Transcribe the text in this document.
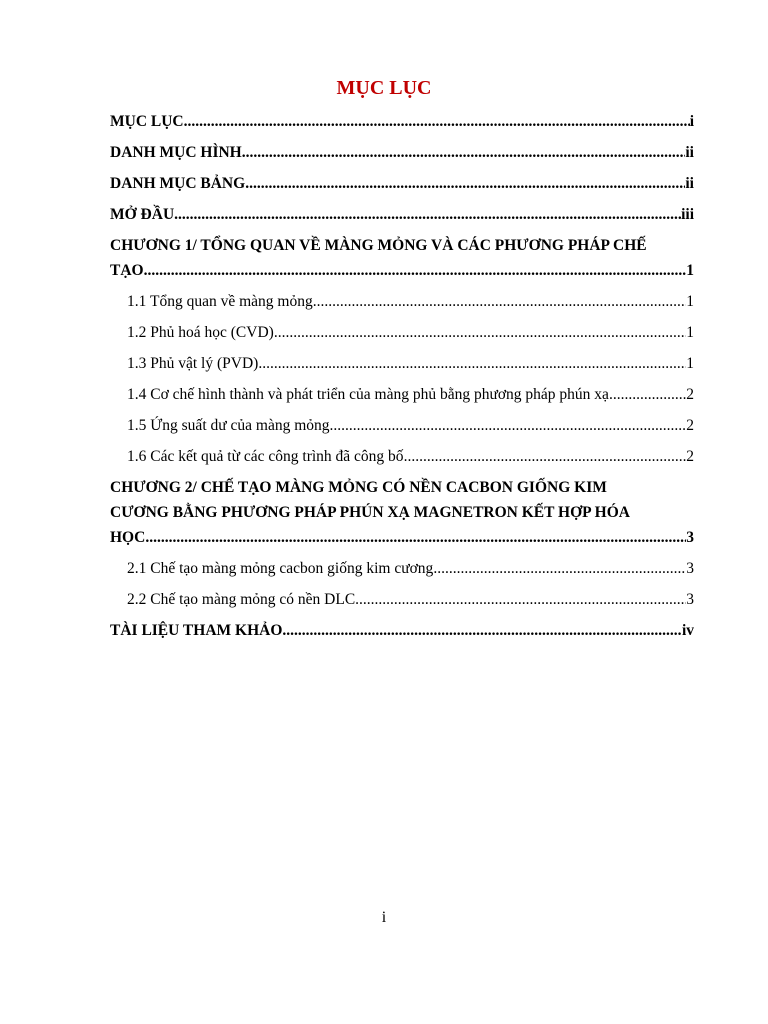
MỤC LỤC
MỤC LỤC .....	i
DANH MỤC HÌNH .....	ii
DANH MỤC BẢNG .....	ii
MỞ ĐẦU .....	iii
CHƯƠNG 1/ TỔNG QUAN VỀ MÀNG MỎNG VÀ CÁC PHƯƠNG PHÁP CHẾ
TẠO .....	1
1.1 Tổng quan về màng mỏng .....	1
1.2 Phủ hoá học (CVD) .....	1
1.3 Phủ vật lý (PVD) .....	1
1.4 Cơ chế hình thành và phát triển của màng phủ bằng phương pháp phún xạ .....	2
1.5 Ứng suất dư của màng mỏng .....	2
1.6 Các kết quả từ các công trình đã công bố .....	2
CHƯƠNG 2/ CHẾ TẠO MÀNG MỎNG CÓ NỀN CACBON GIỐNG KIM
CƯƠNG BẰNG PHƯƠNG PHÁP PHÚN XẠ MAGNETRON KẾT HỢP HÓA
HỌC .....	3
2.1 Chế tạo màng mỏng cacbon giống kim cương .....	3
2.2 Chế tạo màng mỏng có nền DLC .....	3
TÀI LIỆU THAM KHẢO .....	iv
i
